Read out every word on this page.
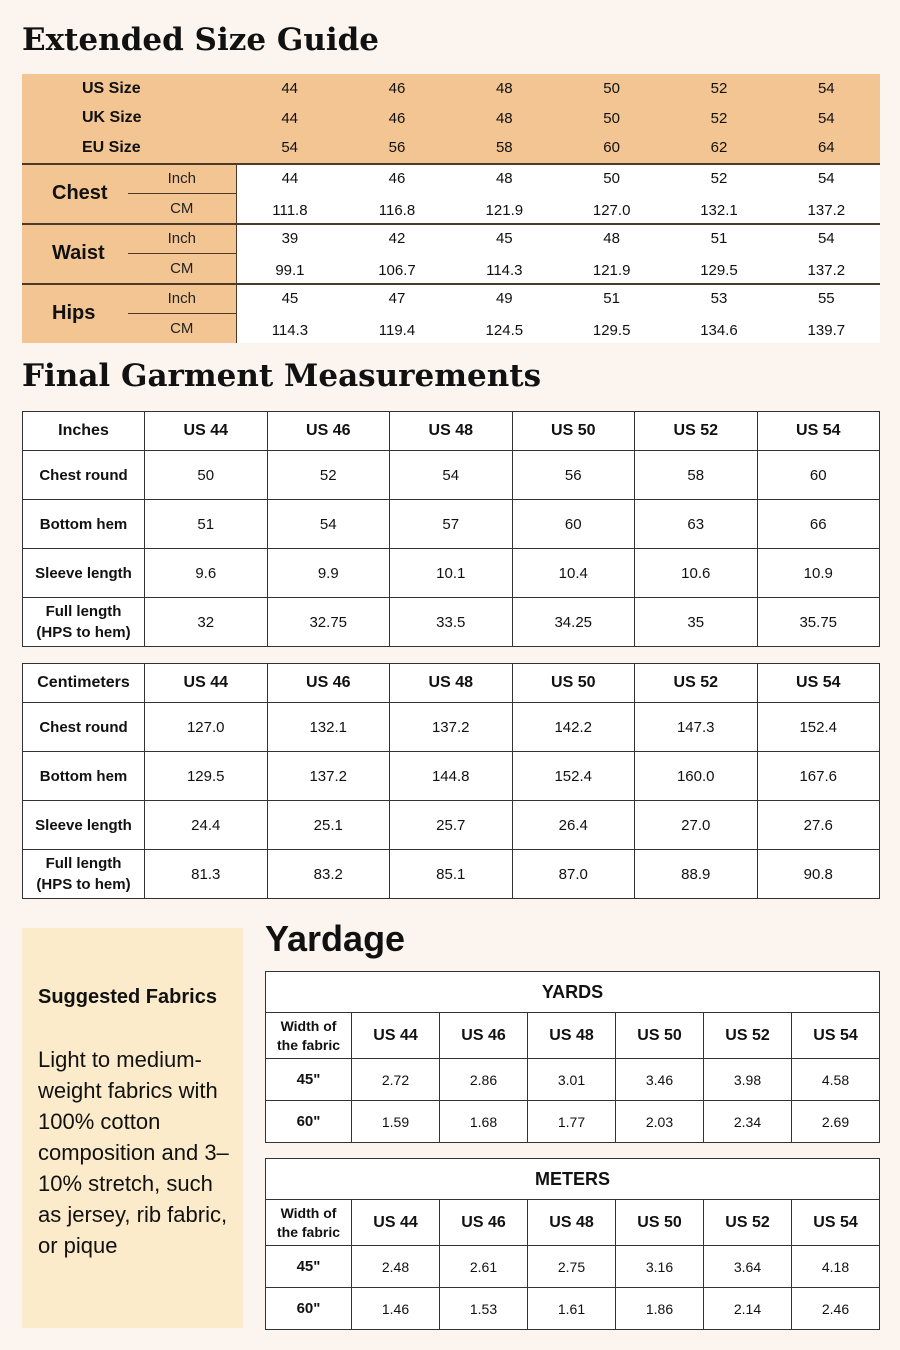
Extended Size Guide
US Size		44	46	48	50	52	54
UK Size		44	46	48	50	52	54
EU Size		54	56	58	60	62	64
Chest	Inch	44	46	48	50	52	54
	CM	111.8	116.8	121.9	127.0	132.1	137.2
Waist	Inch	39	42	45	48	51	54
	CM	99.1	106.7	114.3	121.9	129.5	137.2
Hips	Inch	45	47	49	51	53	55
	CM	114.3	119.4	124.5	129.5	134.6	139.7
Final Garment Measurements
Inches	US 44	US 46	US 48	US 50	US 52	US 54

Chest round	50	52	54	56	58	60

Bottom hem	51	54	57	60	63	66

Sleeve length	9.6	9.9	10.1	10.4	10.6	10.9

Full length
(HPS to hem)	32	32.75	33.5	34.25	35	35.75
Centimeters	US 44	US 46	US 48	US 50	US 52	US 54

Chest round	127.0	132.1	137.2	142.2	147.3	152.4

Bottom hem	129.5	137.2	144.8	152.4	160.0	167.6

Sleeve length	24.4	25.1	25.7	26.4	27.0	27.6

Full length
(HPS to hem)	81.3	83.2	85.1	87.0	88.9	90.8
Suggested Fabrics
Light to medium-weight fabrics with 100% cotton composition and 3–10% stretch, such as jersey, rib fabric, or pique
Yardage
YARDS						

Width of
the fabric	US 44	US 46	US 48	US 50	US 52	US 54
45"	2.72	2.86	3.01	3.46	3.98	4.58
60"	1.59	1.68	1.77	2.03	2.34	2.69
METERS						

Width of
the fabric	US 44	US 46	US 48	US 50	US 52	US 54
45"	2.48	2.61	2.75	3.16	3.64	4.18
60"	1.46	1.53	1.61	1.86	2.14	2.46
